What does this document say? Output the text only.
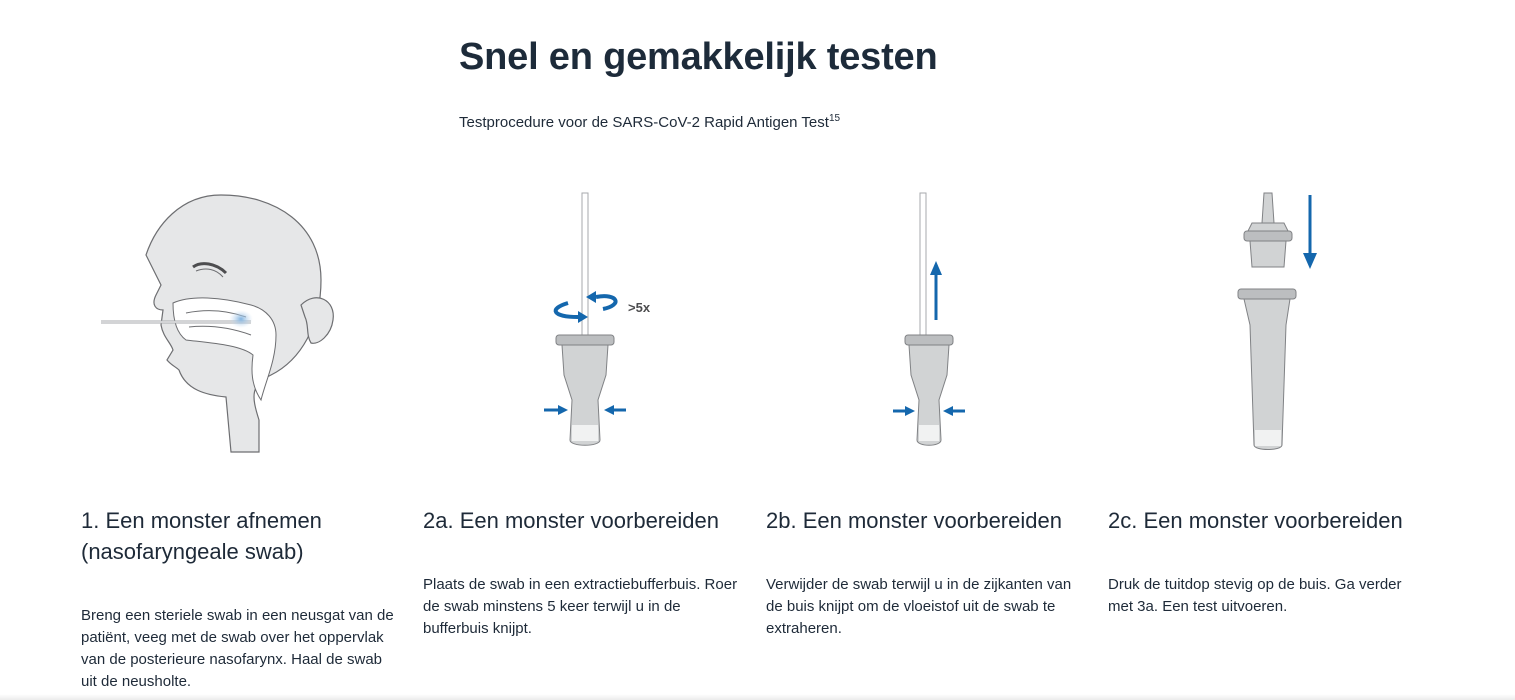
Snel en gemakkelijk testen

Testprocedure voor de SARS-CoV-2 Rapid Antigen Test$^{15}$

1. Een monster afnemen
(nasofaryngeale swab)

Breng een steriele swab in een neusgat van de patiënt, veeg met de swab over het oppervlak van de posterieure nasofarynx. Haal de swab uit de neusholte.

>5x
2a. Een monster voorbereiden

Plaats de swab in een extractiebufferbuis. Roer de swab minstens 5 keer terwijl u in de bufferbuis knijpt.

2b. Een monster voorbereiden

Verwijder de swab terwijl u in de zijkanten van de buis knijpt om de vloeistof uit de swab te extraheren.

2c. Een monster voorbereiden

Druk de tuitdop stevig op de buis. Ga verder met 3a. Een test uitvoeren.
